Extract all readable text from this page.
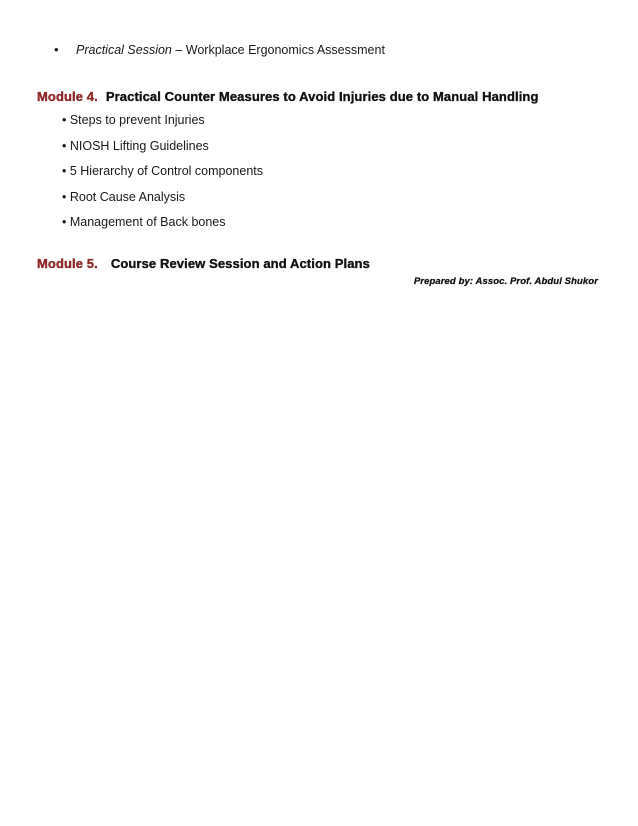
• Practical Session – Workplace Ergonomics Assessment
Module 4. Practical Counter Measures to Avoid Injuries due to Manual Handling
• Steps to prevent Injuries
• NIOSH Lifting Guidelines
• 5 Hierarchy of Control components
• Root Cause Analysis
• Management of Back bones
Module 5. Course Review Session and Action Plans
Prepared by: Assoc. Prof. Abdul Shukor
